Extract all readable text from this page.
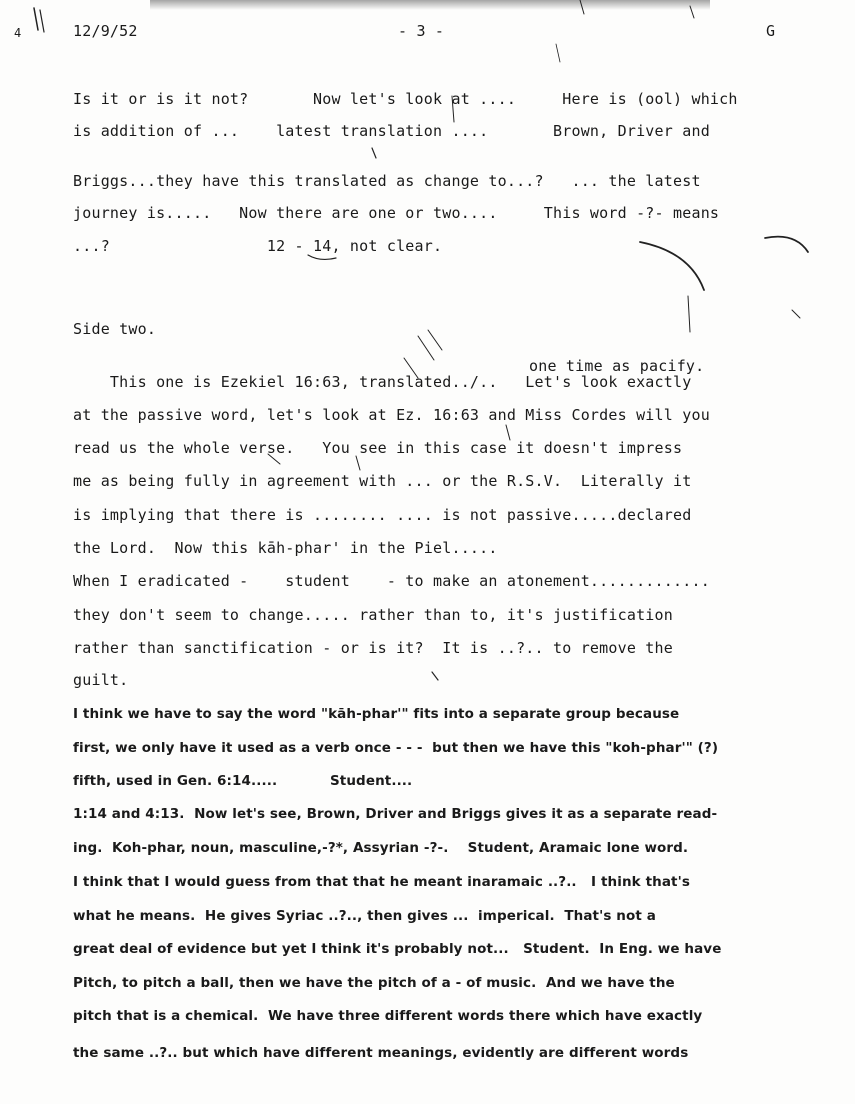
4	12/9/52	- 3 -	G
Is it or is it not?       Now let's look at ....     Here is (ool) which
is addition of ...    latest translation ....       Brown, Driver and
Briggs...they have this translated as change to...?   ... the latest
journey is.....   Now there are one or two....     This word -?- means
...?                 12 - 14, not clear.
Side two.
one time as pacify.
This one is Ezekiel 16:63, translated../..   Let's look exactly
at the passive word, let's look at Ez. 16:63 and Miss Cordes will you
read us the whole verse.   You see in this case it doesn't impress
me as being fully in agreement with ... or the R.S.V.  Literally it
is implying that there is ........ .... is not passive.....declared
the Lord.  Now this kāh-phar' in the Piel.....
When I eradicated -    student    - to make an atonement.............
they don't seem to change..... rather than to, it's justification
rather than sanctification - or is it?  It is ..?.. to remove the
guilt.
I think we have to say the word "kāh-phar'" fits into a separate group because
first, we only have it used as a verb once - - -  but then we have this "koh-phar'" (?)
fifth, used in Gen. 6:14.....           Student....
1:14 and 4:13.  Now let's see, Brown, Driver and Briggs gives it as a separate read-
ing.  Koh-phar, noun, masculine,-?*, Assyrian -?-.    Student, Aramaic lone word.
I think that I would guess from that that he meant inaramaic ..?..   I think that's
what he means.  He gives Syriac ..?.., then gives ...  imperical.  That's not a
great deal of evidence but yet I think it's probably not...   Student.  In Eng. we have
Pitch, to pitch a ball, then we have the pitch of a - of music.  And we have the
pitch that is a chemical.  We have three different words there which have exactly
the same ..?.. but which have different meanings, evidently are different words
